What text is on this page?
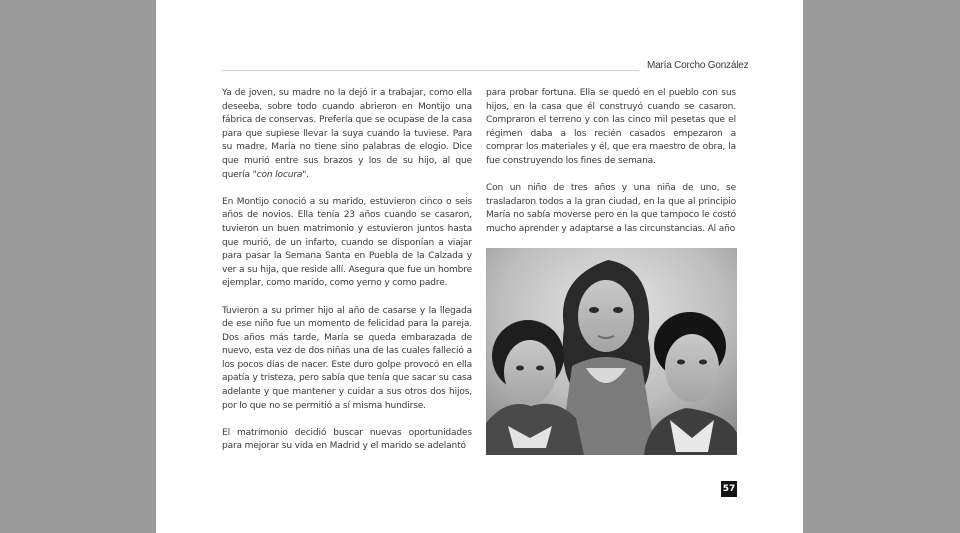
María Corcho González

Ya de joven, su madre no la dejó ir a trabajar, como ella deseeba, sobre todo cuando abrieron en Montijo una fábrica de conservas. Prefería que se ocupase de la casa para que supiese llevar la suya cuando la tuviese. Para su madre, María no tiene sino palabras de elogio. Dice que murió entre sus brazos y los de su hijo, al que quería "con locura".

En Montijo conoció a su marido, estuvieron cinco o seis años de novios. Ella tenía 23 años cuando se casaron, tuvieron un buen matrimonio y estuvieron juntos hasta que murió, de un infarto, cuando se disponían a viajar para pasar la Semana Santa en Puebla de la Calzada y ver a su hija, que reside allí. Asegura que fue un hombre ejemplar, como marido, como yerno y como padre.

Tuvieron a su primer hijo al año de casarse y la llegada de ese niño fue un momento de felicidad para la pareja. Dos años más tarde, María se queda embarazada de nuevo, esta vez de dos niñas una de las cuales falleció a los pocos días de nacer. Este duro golpe provocó en ella apatía y tristeza, pero sabía que tenía que sacar su casa adelante y que mantener y cuidar a sus otros dos hijos, por lo que no se permitió a sí misma hundirse.

El matrimonio decidió buscar nuevas oportunidades para mejorar su vida en Madrid y el marido se adelantó

para probar fortuna. Ella se quedó en el pueblo con sus hijos, en la casa que él construyó cuando se casaron. Compraron el terreno y con las cinco mil pesetas que el régimen daba a los recién casados empezaron a comprar los materiales y él, que era maestro de obra, la fue construyendo los fines de semana.

Con un niño de tres años y una niña de uno, se trasladaron todos a la gran ciudad, en la que al principio María no sabía moverse pero en la que tampoco le costó mucho aprender y adaptarse a las circunstancias. Al año

57
